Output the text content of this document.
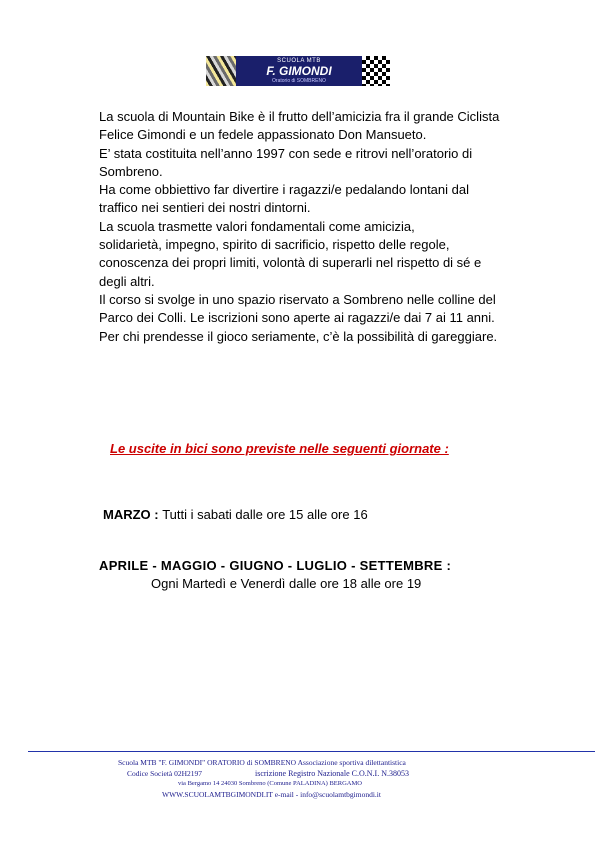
SCUOLA MTB
F. GIMONDI
Oratorio di SOMBRENO
La scuola di Mountain Bike è il frutto dell’amicizia fra il grande Ciclista
Felice Gimondi e un fedele appassionato Don Mansueto.
E’ stata costituita nell’anno 1997 con sede e ritrovi nell’oratorio di
Sombreno.
Ha come obbiettivo far divertire i ragazzi/e pedalando lontani dal
traffico nei sentieri dei nostri dintorni.
La scuola trasmette valori fondamentali come amicizia,
solidarietà, impegno, spirito di sacrificio, rispetto delle regole,
conoscenza dei propri limiti, volontà di superarli nel rispetto di sé e
degli altri.
Il corso si svolge in uno spazio riservato a Sombreno nelle colline del
Parco dei Colli. Le iscrizioni sono aperte ai ragazzi/e dai 7 ai 11 anni.
Per chi prendesse il gioco seriamente, c’è la possibilità di gareggiare.
Le uscite in bici sono previste nelle seguenti giornate :
MARZO : Tutti i sabati dalle ore 15 alle ore 16
APRILE - MAGGIO - GIUGNO - LUGLIO - SETTEMBRE :
Ogni Martedì e Venerdì dalle ore 18 alle ore 19
Scuola MTB "F. GIMONDI" ORATORIO di SOMBRENO Associazione sportiva dilettantistica
Codice Società 02H2197	iscrizione Registro Nazionale C.O.N.I. N.38053
via Bergamo 14 24030 Sombreno (Comune PALADINA) BERGAMO
WWW.SCUOLAMTBGIMONDI.IT e-mail - info@scuolamtbgimondi.it
